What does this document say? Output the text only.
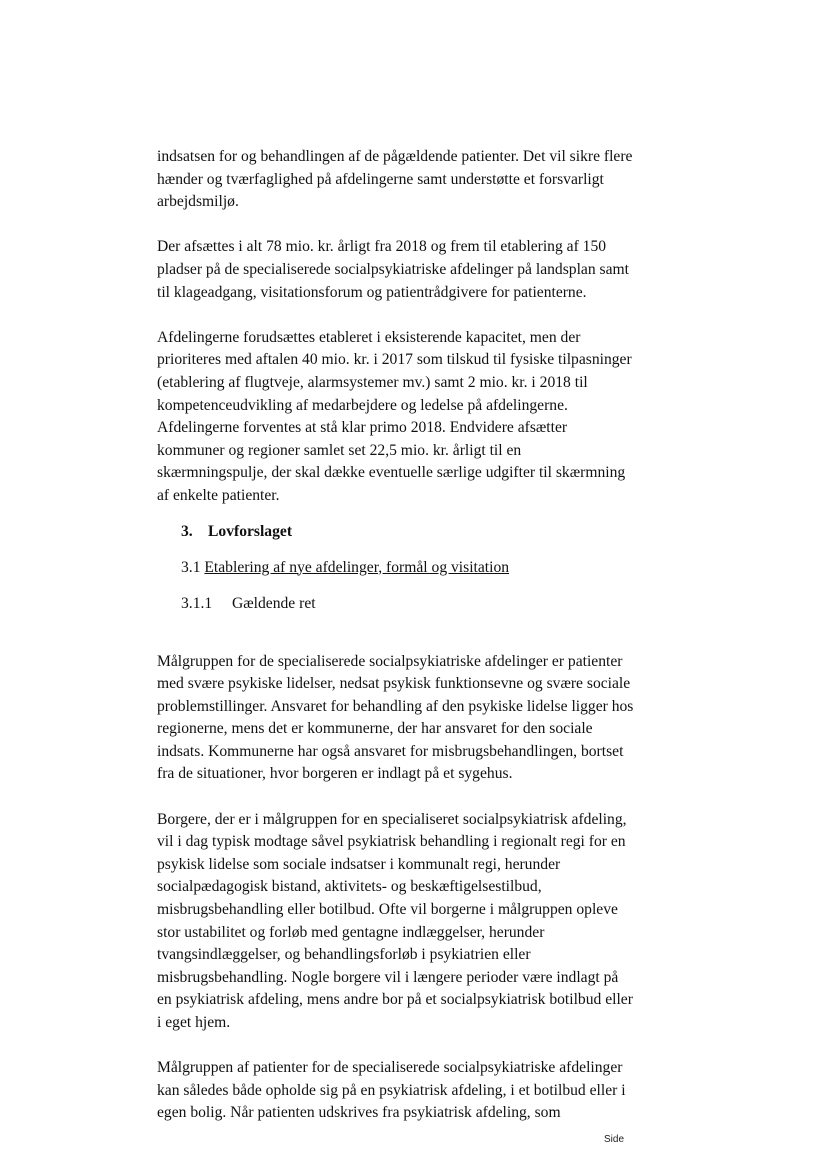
indsatsen for og behandlingen af de pågældende patienter. Det vil sikre flere
hænder og tværfaglighed på afdelingerne samt understøtte et forsvarligt
arbejdsmiljø.

Der afsættes i alt 78 mio. kr. årligt fra 2018 og frem til etablering af 150
pladser på de specialiserede socialpsykiatriske afdelinger på landsplan samt
til klageadgang, visitationsforum og patientrådgivere for patienterne.

Afdelingerne forudsættes etableret i eksisterende kapacitet, men der
prioriteres med aftalen 40 mio. kr. i 2017 som tilskud til fysiske tilpasninger
(etablering af flugtveje, alarmsystemer mv.) samt 2 mio. kr. i 2018 til
kompetenceudvikling af medarbejdere og ledelse på afdelingerne.
Afdelingerne forventes at stå klar primo 2018. Endvidere afsætter
kommuner og regioner samlet set 22,5 mio. kr. årligt til en
skærmningspulje, der skal dække eventuelle særlige udgifter til skærmning
af enkelte patienter.

3. Lovforslaget
3.1 Etablering af nye afdelinger, formål og visitation
3.1.1 Gældende ret

Målgruppen for de specialiserede socialpsykiatriske afdelinger er patienter
med svære psykiske lidelser, nedsat psykisk funktionsevne og svære sociale
problemstillinger. Ansvaret for behandling af den psykiske lidelse ligger hos
regionerne, mens det er kommunerne, der har ansvaret for den sociale
indsats. Kommunerne har også ansvaret for misbrugsbehandlingen, bortset
fra de situationer, hvor borgeren er indlagt på et sygehus.

Borgere, der er i målgruppen for en specialiseret socialpsykiatrisk afdeling,
vil i dag typisk modtage såvel psykiatrisk behandling i regionalt regi for en
psykisk lidelse som sociale indsatser i kommunalt regi, herunder
socialpædagogisk bistand, aktivitets- og beskæftigelsestilbud,
misbrugsbehandling eller botilbud. Ofte vil borgerne i målgruppen opleve
stor ustabilitet og forløb med gentagne indlæggelser, herunder
tvangsindlæggelser, og behandlingsforløb i psykiatrien eller
misbrugsbehandling. Nogle borgere vil i længere perioder være indlagt på
en psykiatrisk afdeling, mens andre bor på et socialpsykiatrisk botilbud eller
i eget hjem.

Målgruppen af patienter for de specialiserede socialpsykiatriske afdelinger
kan således både opholde sig på en psykiatrisk afdeling, i et botilbud eller i
egen bolig. Når patienten udskrives fra psykiatrisk afdeling, som

Side
